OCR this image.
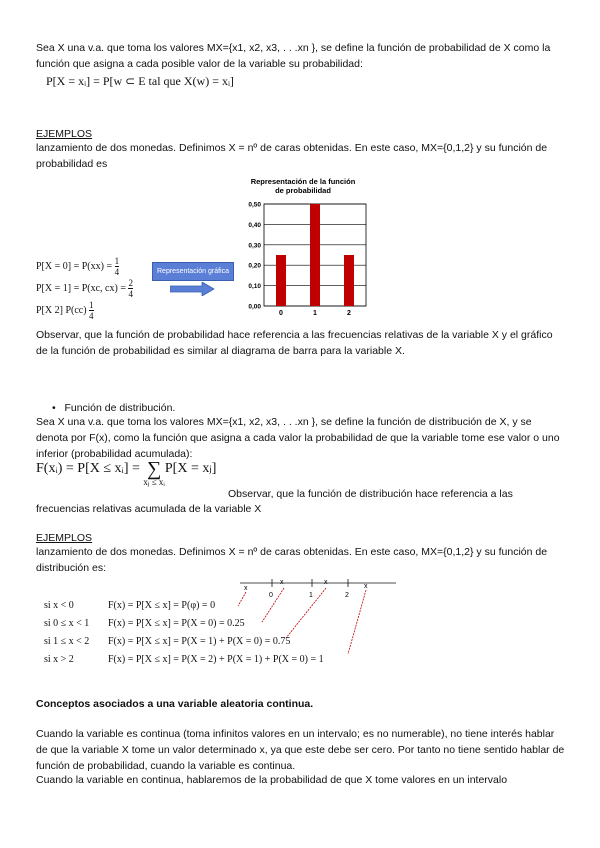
Sea X una v.a. que toma los valores MX={x1, x2, x3, . . .xn }, se define la función de probabilidad de X como la función que asigna a cada posible valor de la variable su probabilidad:

P[X = xᵢ] = P[w ⊂ E tal que X(w) = xᵢ]

EJEMPLOS

lanzamiento de dos monedas. Definimos X = nº de caras obtenidas. En este caso, MX={0,1,2} y su función de probabilidad es

$P[X = 0] = P(xx) = \frac{1}{4}$
P[X = 1] = P(xc, $cx) = \frac{2}{4}$
P[X 2] $P(cc) \frac{1}{4}$
Representación gráfica
Representación de la función
de probabilidad
0,00
0,10
0,20
0,30
0,40
0,50
0	1	2

Observar, que la función de probabilidad hace referencia a las frecuencias relativas de la variable X y el gráfico de la función de probabilidad es similar al diagrama de barra para la variable X.

• Función de distribución.

Sea X una v.a. que toma los valores MX={x1, x2, x3, . . .xn }, se define la función de distribución de X, y se denota por F(x), como la función que asigna a cada valor la probabilidad de que la variable tome ese valor o uno inferior (probabilidad acumulada):

F(xᵢ) = P[X ≤ xᵢ] = ∑
xⱼ ≤ xᵢ
P[X = xⱼ]

Observar, que la función de distribución hace referencia a las

frecuencias relativas acumulada de la variable X

EJEMPLOS

lanzamiento de dos monedas. Definimos X = nº de caras obtenidas. En este caso, MX={0,1,2} y su función de distribución es:

x
x	x
x
0	1	2
si x < 0	F(x) = P[X ≤ x] = P(φ) = 0
si 0 ≤ x < 1 F(x) = P[X ≤ x] = P(X = 0) = 0.25
si 1 ≤ x < 2 F(x) = P[X ≤ x] = P(X = 1) + P(X = 0) = 0.75
si x > 2	F(x) = P[X ≤ x] = P(X = 2) + P(X = 1) + P(X = 0) = 1

Conceptos asociados a una variable aleatoria continua.

Cuando la variable es continua (toma infinitos valores en un intervalo; es no numerable), no tiene interés hablar de que la variable X tome un valor determinado x, ya que este debe ser cero. Por tanto no tiene sentido hablar de función de probabilidad, cuando la variable es continua.

Cuando la variable en continua, hablaremos de la probabilidad de que X tome valores en un intervalo
